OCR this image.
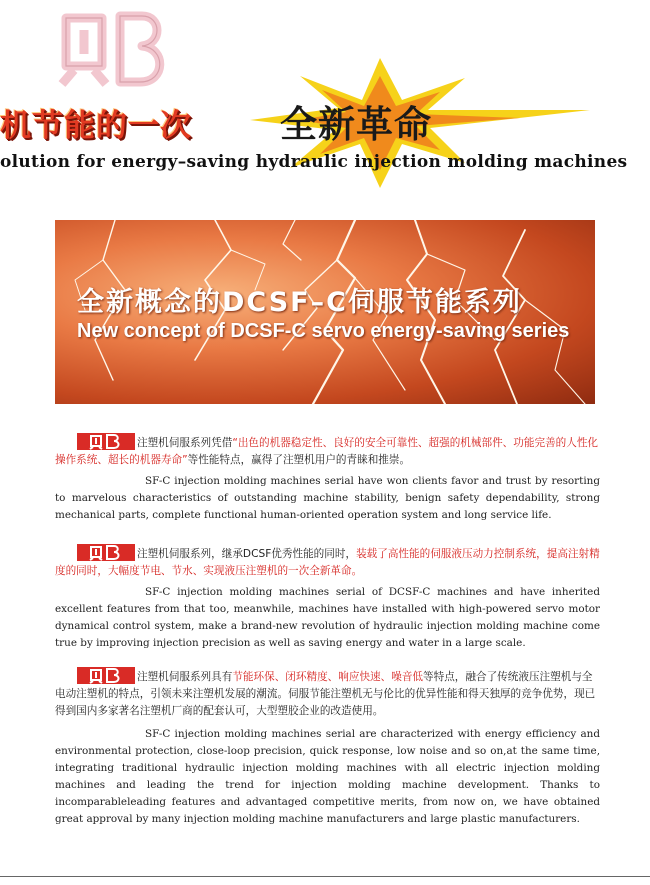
机节能的一次 全新革命
olution for energy–saving hydraulic injection molding machines
全新概念的DCSF–C伺服节能系列
New concept of DCSF-C servo energy-saving series
注塑机伺服系列凭借“出色的机器稳定性、良好的安全可靠性、超强的机械部件、功能完善的人性化操作系统、超长的机器寿命”等性能特点，赢得了注塑机用户的青睐和推崇。
SF-C injection molding machines serial have won clients favor and trust by resorting to marvelous characteristics of outstanding machine stability, benign safety dependability, strong mechanical parts, complete functional human-oriented operation system and long service life.
注塑机伺服系列，继承DCSF优秀性能的同时，装载了高性能的伺服液压动力控制系统，提高注射精度的同时，大幅度节电、节水、实现液压注塑机的一次全新革命。
SF-C injection molding machines serial of DCSF-C machines and have inherited excellent features from that too, meanwhile, machines have installed with high-powered servo motor dynamical control system, make a brand-new revolution of hydraulic injection molding machine come true by improving injection precision as well as saving energy and water in a large scale.
注塑机伺服系列具有节能环保、闭环精度、响应快速、噪音低等特点，融合了传统液压注塑机与全电动注塑机的特点，引领未来注塑机发展的潮流。伺服节能注塑机无与伦比的优异性能和得天独厚的竞争优势，现已得到国内多家著名注塑机厂商的配套认可，大型塑胶企业的改造使用。
SF-C injection molding machines serial are characterized with energy efficiency and environmental protection, close-loop precision, quick response, low noise and so on,at the same time, integrating traditional hydraulic injection molding machines with all electric injection molding machines and leading the trend for injection molding machine development. Thanks to incomparableleading features and advantaged competitive merits, from now on, we have obtained great approval by many injection molding machine manufacturers and large plastic manufacturers.
